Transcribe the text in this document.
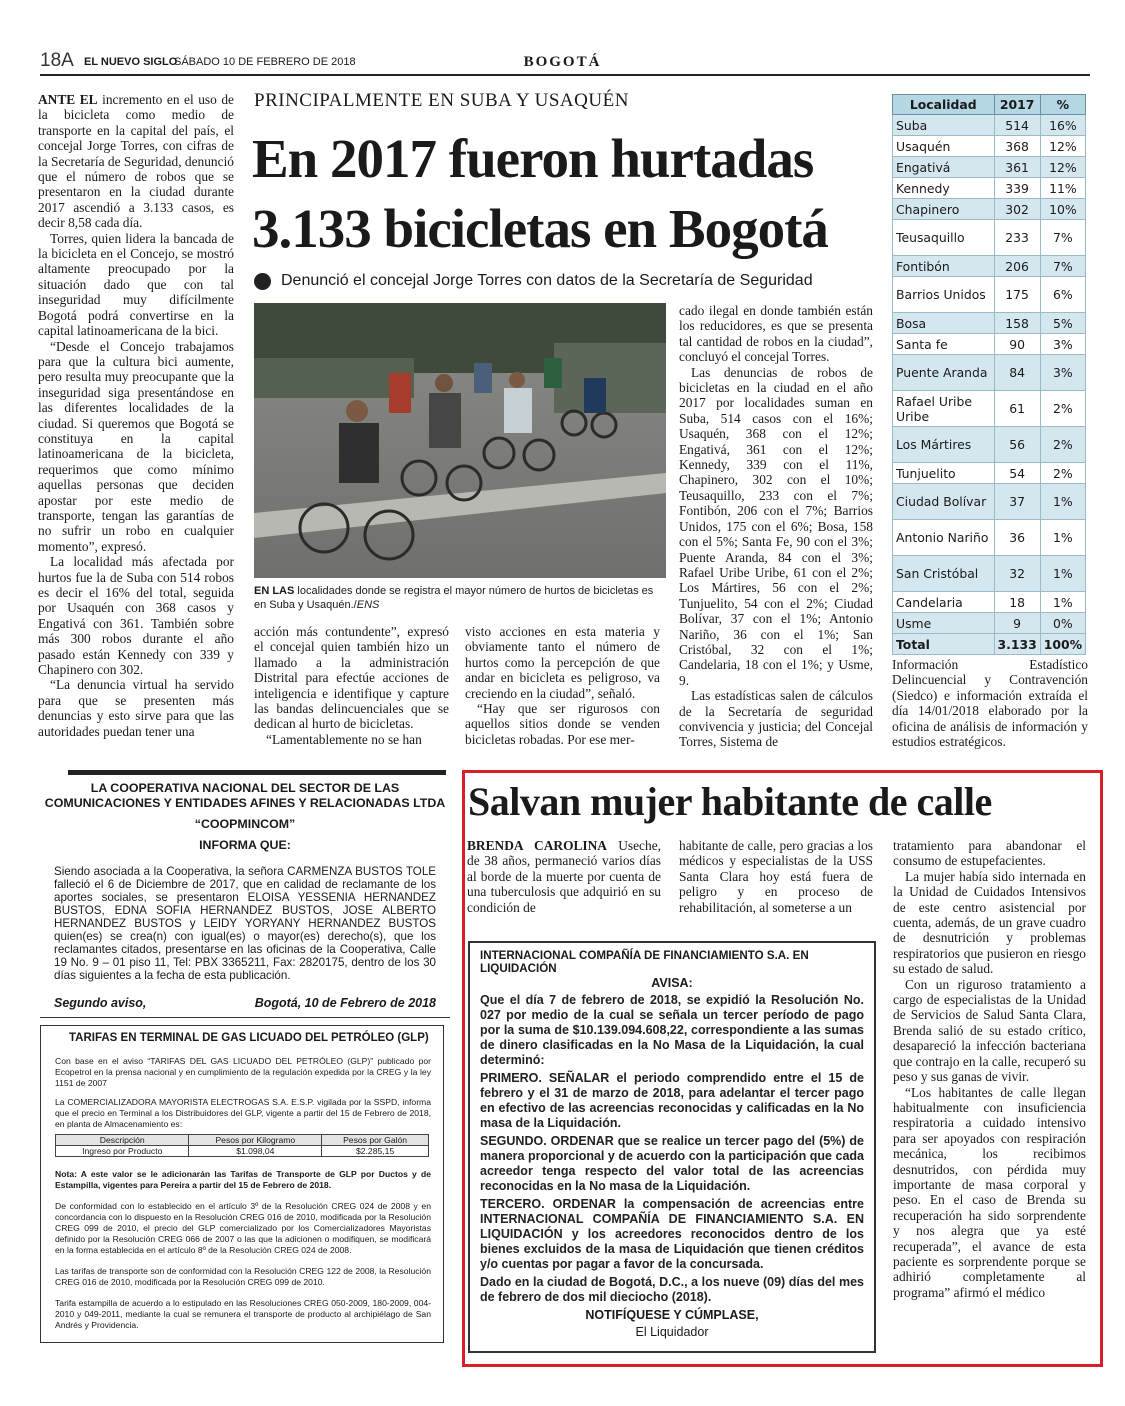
18A EL NUEVO SIGLO
SÁBADO 10 DE FEBRERO DE 2018	BOGOTÁ
PRINCIPALMENTE EN SUBA Y USAQUÉN
En 2017 fueron hurtadas 3.133 bicicletas en Bogotá
Denunció el concejal Jorge Torres con datos de la Secretaría de Seguridad

ANTE EL incremento en el uso de la bicicleta como medio de transporte en la capital del país, el concejal Jorge Torres, con cifras de la Secretaría de Seguridad, denunció que el número de robos que se presentaron en la ciudad durante 2017 ascendió a 3.133 casos, es decir 8,58 cada día.

Torres, quien lidera la bancada de la bicicleta en el Concejo, se mostró altamente preocupado por la situación dado que con tal inseguridad muy difícilmente Bogotá podrá convertirse en la capital latinoamericana de la bici.

“Desde el Concejo trabajamos para que la cultura bici aumente, pero resulta muy preocupante que la inseguridad siga presentándose en las diferentes localidades de la ciudad. Si queremos que Bogotá se constituya en la capital latinoamericana de la bicicleta, requerimos que como mínimo aquellas personas que deciden apostar por este medio de transporte, tengan las garantías de no sufrir un robo en cualquier momento”, expresó.

La localidad más afectada por hurtos fue la de Suba con 514 robos es decir el 16% del total, seguida por Usaquén con 368 casos y Engativá con 361. También sobre más 300 robos durante el año pasado están Kennedy con 339 y Chapinero con 302.

“La denuncia virtual ha servido para que se presenten más denuncias y esto sirve para que las autoridades puedan tener una

EN LAS localidades donde se registra el mayor número de hurtos de bicicletas es en Suba y Usaquén./ENS

acción más contundente”, expresó el concejal quien también hizo un llamado a la administración Distrital para efectúe acciones de inteligencia e identifique y capture las bandas delincuenciales que se dedican al hurto de bicicletas.

“Lamentablemente no se han

visto acciones en esta materia y obviamente tanto el número de hurtos como la percepción de que andar en bicicleta es peligroso, va creciendo en la ciudad”, señaló.

“Hay que ser rigurosos con aquellos sitios donde se venden bicicletas robadas. Por ese mer-

cado ilegal en donde también están los reducidores, es que se presenta tal cantidad de robos en la ciudad”, concluyó el concejal Torres.

Las denuncias de robos de bicicletas en la ciudad en el año 2017 por localidades suman en Suba, 514 casos con el 16%; Usaquén, 368 con el 12%; Engativá, 361 con el 12%; Kennedy, 339 con el 11%, Chapinero, 302 con el 10%; Teusaquillo, 233 con el 7%; Fontibón, 206 con el 7%; Barrios Unidos, 175 con el 6%; Bosa, 158 con el 5%; Santa Fe, 90 con el 3%; Puente Aranda, 84 con el 3%; Rafael Uribe Uribe, 61 con el 2%; Los Mártires, 56 con el 2%; Tunjuelito, 54 con el 2%; Ciudad Bolívar, 37 con el 1%; Antonio Nariño, 36 con el 1%; San Cristóbal, 32 con el 1%; Candelaria, 18 con el 1%; y Usme, 9.

Las estadísticas salen de cálculos de la Secretaría de seguridad convivencia y justicia; del Concejal Torres, Sistema de

Localidad	2017	%
Suba	514	16%
Usaquén	368	12%
Engativá	361	12%
Kennedy	339	11%
Chapinero	302	10%
Teusaquillo	233	7%
Fontibón	206	7%
Barrios Unidos	175	6%
Bosa	158	5%
Santa fe	90	3%
Puente Aranda	84	3%
Rafael Uribe Uribe	61	2%
Los Mártires	56	2%
Tunjuelito	54	2%
Ciudad Bolívar	37	1%
Antonio Nariño	36	1%
San Cristóbal	32	1%
Candelaria	18	1%
Usme	9	0%
Total	3.133	100%
Información Estadístico Delincuencial y Contravención (Siedco) e información extraída el día 14/01/2018 elaborado por la oficina de análisis de información y estudios estratégicos.
LA COOPERATIVA NACIONAL DEL SECTOR DE LAS
COMUNICACIONES Y ENTIDADES AFINES Y RELACIONADAS LTDA
“COOPMINCOM”
INFORMA QUE:
Siendo asociada a la Cooperativa, la señora CARMENZA BUSTOS TOLE falleció el 6 de Diciembre de 2017, que en calidad de reclamante de los aportes sociales, se presentaron ELOISA YESSENIA HERNANDEZ BUSTOS, EDNA SOFIA HERNANDEZ BUSTOS, JOSE ALBERTO HERNANDEZ BUSTOS y LEIDY YORYANY HERNANDEZ BUSTOS quien(es) se crea(n) con igual(es) o mayor(es) derecho(s), que los reclamantes citados, presentarse en las oficinas de la Cooperativa, Calle 19 No. 9 – 01 piso 11, Tel: PBX 3365211, Fax: 2820175, dentro de los 30 días siguientes a la fecha de esta publicación.
Segundo aviso,	Bogotá, 10 de Febrero de 2018
TARIFAS EN TERMINAL DE GAS LICUADO DEL PETRÓLEO (GLP)
Con base en el aviso “TARIFAS DEL GAS LICUADO DEL PETRÓLEO (GLP)” publicado por Ecopetrol en la prensa nacional y en cumplimiento de la regulación expedida por la CREG y la ley 1151 de 2007
La COMERCIALIZADORA MAYORISTA ELECTROGAS S.A. E.S.P. vigilada por la SSPD, informa que el precio en Terminal a los Distribuidores del GLP, vigente a partir del 15 de Febrero de 2018, en planta de Almacenamiento es:
Descripción	Pesos por Kilogramo	Pesos por Galón
Ingreso por Producto	$1.098,04	$2.285,15
Nota: A este valor se le adicionarán las Tarifas de Transporte de GLP por Ductos y de Estampilla, vigentes para Pereira a partir del 15 de Febrero de 2018.
De conformidad con lo establecido en el artículo 3º de la Resolución CREG 024 de 2008 y en concordancia con lo dispuesto en la Resolución CREG 016 de 2010, modificada por la Resolución CREG 099 de 2010, el precio del GLP comercializado por los Comercializadores Mayoristas definido por la Resolución CREG 066 de 2007 o las que la adicionen o modifiquen, se modificará en la forma establecida en el artículo 8º de la Resolución CREG 024 de 2008.
Las tarifas de transporte son de conformidad con la Resolución CREG 122 de 2008, la Resolución CREG 016 de 2010, modificada por la Resolución CREG 099 de 2010.
Tarifa estampilla de acuerdo a lo estipulado en las Resoluciones CREG 050-2009, 180-2009, 004-2010 y 049-2011, mediante la cual se remunera el transporte de producto al archipiélago de San Andrés y Providencia.
Salvan mujer habitante de calle

BRENDA CAROLINA Useche, de 38 años, permaneció varios días al borde de la muerte por cuenta de una tuberculosis que adquirió en su condición de

habitante de calle, pero gracias a los médicos y especialistas de la USS Santa Clara hoy está fuera de peligro y en proceso de rehabilitación, al someterse a un

tratamiento para abandonar el consumo de estupefacientes.

La mujer había sido internada en la Unidad de Cuidados Intensivos de este centro asistencial por cuenta, además, de un grave cuadro de desnutrición y problemas respiratorios que pusieron en riesgo su estado de salud.

Con un riguroso tratamiento a cargo de especialistas de la Unidad de Servicios de Salud Santa Clara, Brenda salió de su estado crítico, desapareció la infección bacteriana que contrajo en la calle, recuperó su peso y sus ganas de vivir.

“Los habitantes de calle llegan habitualmente con insuficiencia respiratoria a cuidado intensivo para ser apoyados con respiración mecánica, los recibimos desnutridos, con pérdida muy importante de masa corporal y peso. En el caso de Brenda su recuperación ha sido sorprendente y nos alegra que ya esté recuperada”, el avance de esta paciente es sorprendente porque se adhirió completamente al programa” afirmó el médico

INTERNACIONAL COMPAÑÍA DE FINANCIAMIENTO S.A. EN LIQUIDACIÓN
AVISA:

Que el día 7 de febrero de 2018, se expidió la Resolución No. 027 por medio de la cual se señala un tercer período de pago por la suma de $10.139.094.608,22, correspondiente a las sumas de dinero clasificadas en la No Masa de la Liquidación, la cual determinó:

PRIMERO. SEÑALAR el periodo comprendido entre el 15 de febrero y el 31 de marzo de 2018, para adelantar el tercer pago en efectivo de las acreencias reconocidas y calificadas en la No masa de la Liquidación.

SEGUNDO. ORDENAR que se realice un tercer pago del (5%) de manera proporcional y de acuerdo con la participación que cada acreedor tenga respecto del valor total de las acreencias reconocidas en la No masa de la Liquidación.

TERCERO. ORDENAR la compensación de acreencias entre INTERNACIONAL COMPAÑÍA DE FINANCIAMIENTO S.A. EN LIQUIDACIÓN y los acreedores reconocidos dentro de los bienes excluidos de la masa de Liquidación que tienen créditos y/o cuentas por pagar a favor de la concursada.

Dado en la ciudad de Bogotá, D.C., a los nueve (09) días del mes de febrero de dos mil dieciocho (2018).

NOTIFÍQUESE Y CÚMPLASE,
El Liquidador
